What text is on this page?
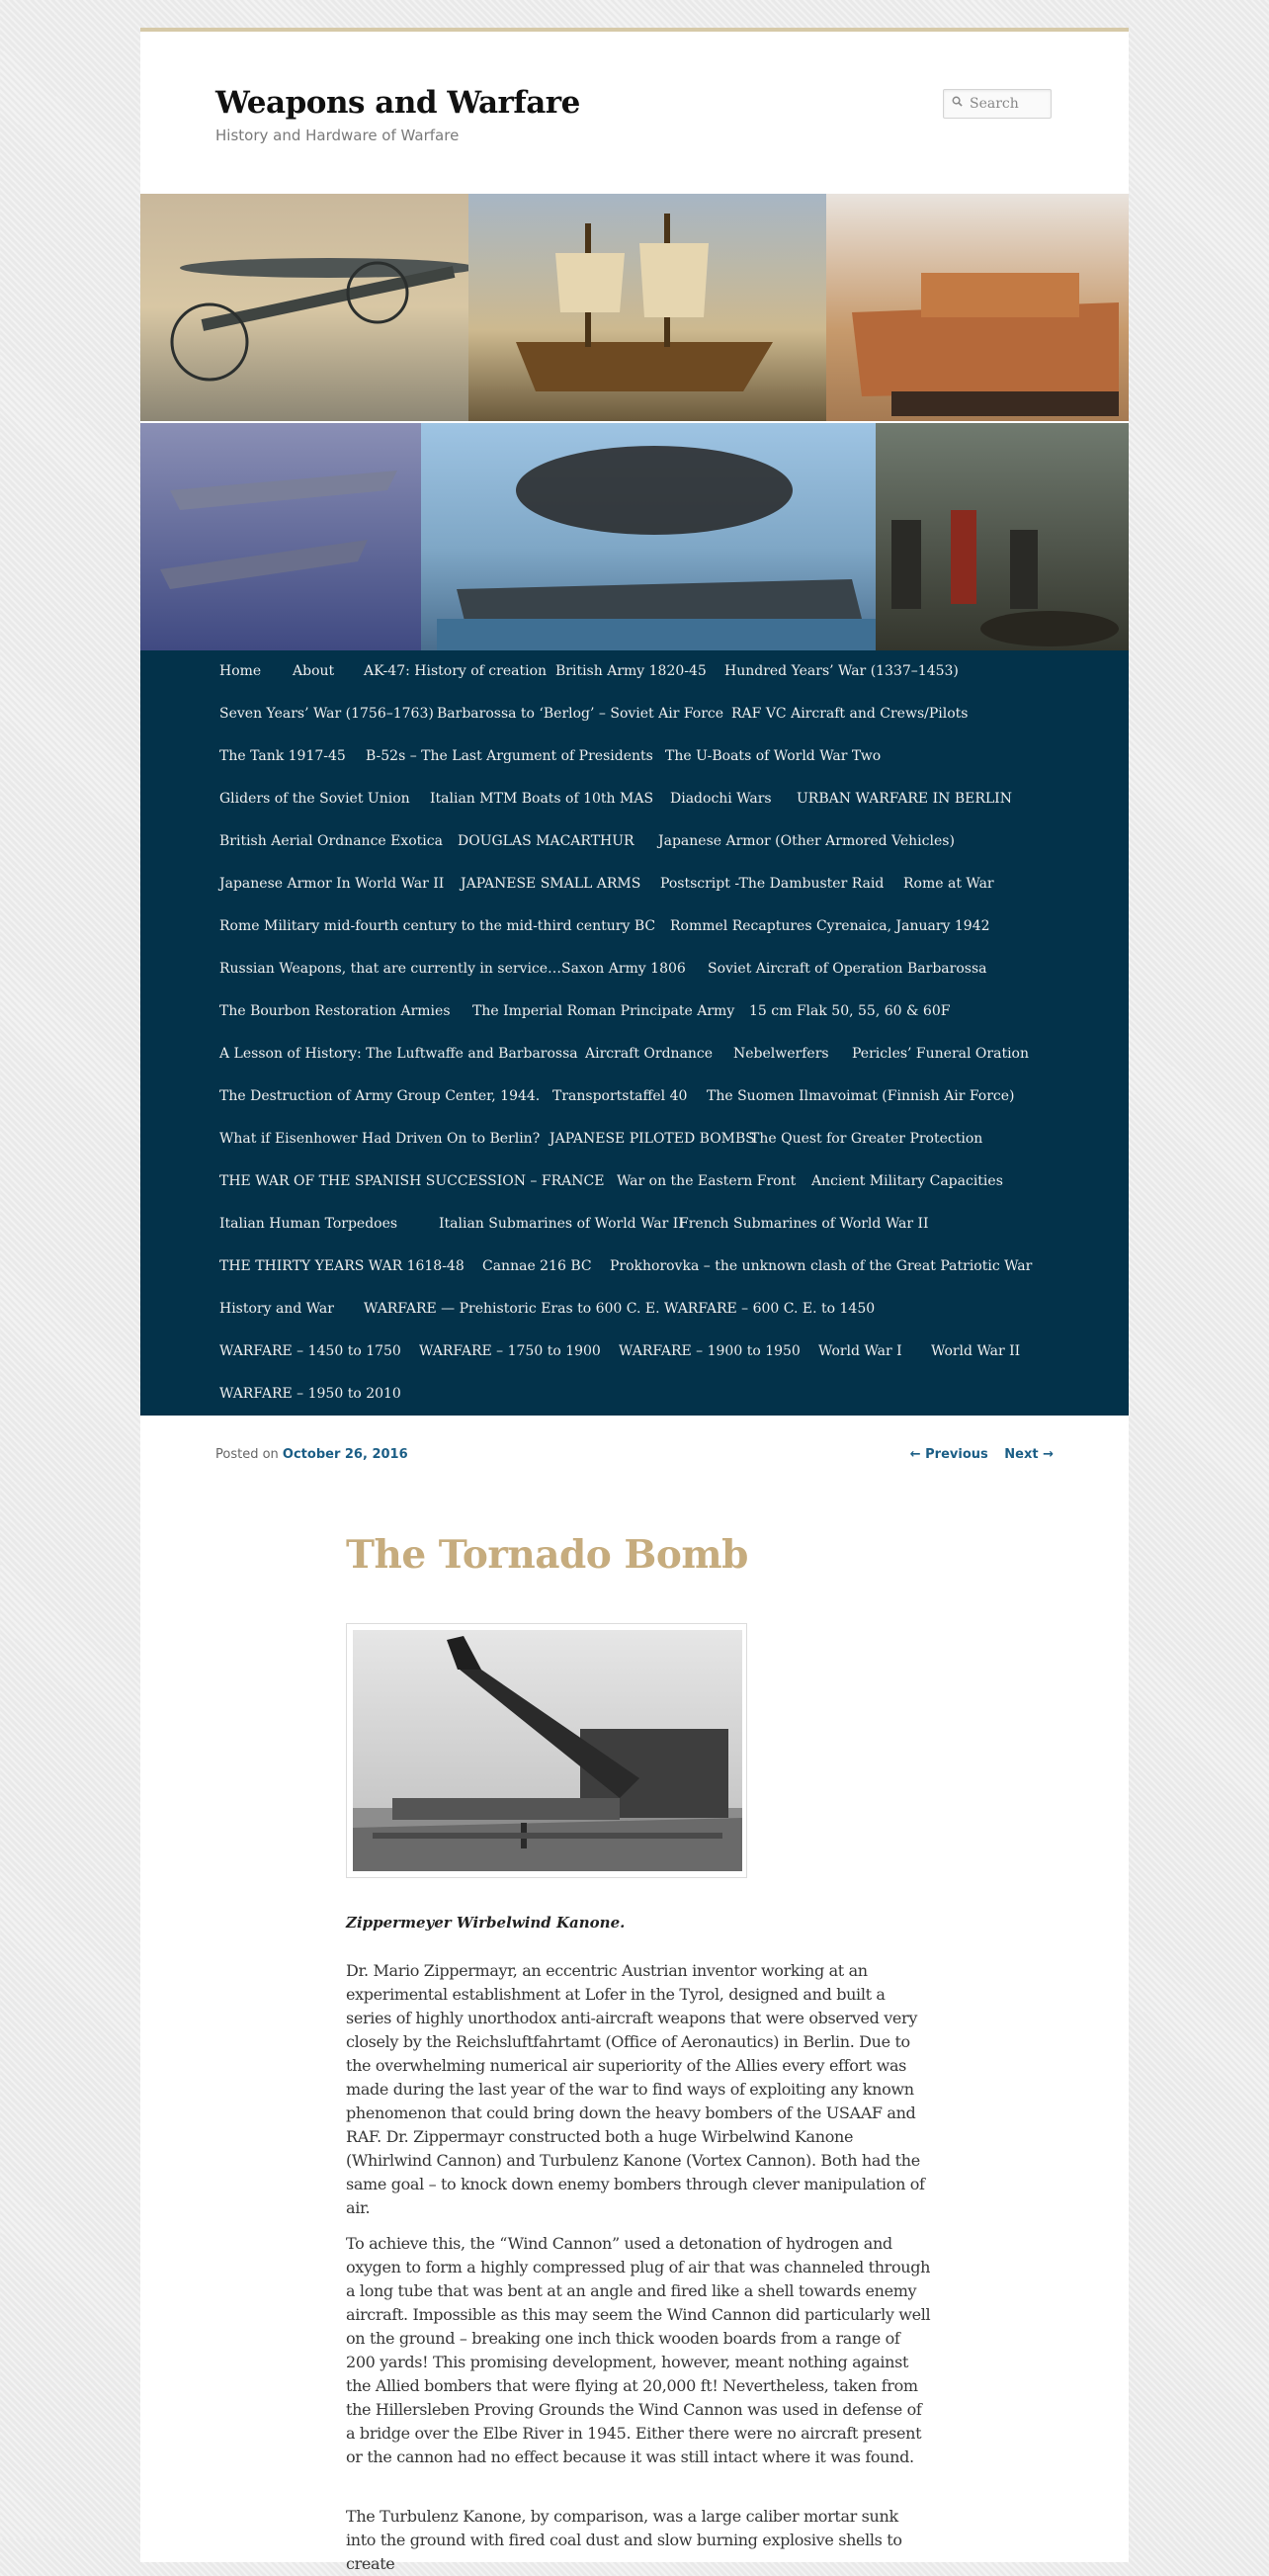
Weapons and Warfare

History and Hardware of Warfare

Search
Home About AK-47: History of creation British Army 1820-45 Hundred Years’ War (1337–1453)
Seven Years’ War (1756–1763) Barbarossa to ‘Berlog’ – Soviet Air Force RAF VC Aircraft and Crews/Pilots
The Tank 1917-45 B-52s – The Last Argument of Presidents The U-Boats of World War Two
Gliders of the Soviet Union Italian MTM Boats of 10th MAS Diadochi Wars URBAN WARFARE IN BERLIN
British Aerial Ordnance Exotica DOUGLAS MACARTHUR Japanese Armor (Other Armored Vehicles)
Japanese Armor In World War II JAPANESE SMALL ARMS Postscript -The Dambuster Raid Rome at War
Rome Military mid-fourth century to the mid-third century BC Rommel Recaptures Cyrenaica, January 1942
Russian Weapons, that are currently in service… Saxon Army 1806 Soviet Aircraft of Operation Barbarossa
The Bourbon Restoration Armies The Imperial Roman Principate Army 15 cm Flak 50, 55, 60 & 60F
A Lesson of History: The Luftwaffe and Barbarossa Aircraft Ordnance Nebelwerfers Pericles’ Funeral Oration
The Destruction of Army Group Center, 1944. Transportstaffel 40 The Suomen Ilmavoimat (Finnish Air Force)
What if Eisenhower Had Driven On to Berlin? JAPANESE PILOTED BOMBS
The Quest for Greater Protection
THE WAR OF THE SPANISH SUCCESSION – FRANCE War on the Eastern Front Ancient Military Capacities
Italian Human Torpedoes	Italian Submarines of World War II
French Submarines of World War II
THE THIRTY YEARS WAR 1618-48 Cannae 216 BC Prokhorovka – the unknown clash of the Great Patriotic War
History and War WARFARE — Prehistoric Eras to 600 C. E. WARFARE – 600 C. E. to 1450
WARFARE – 1450 to 1750 WARFARE – 1750 to 1900 WARFARE – 1900 to 1950 World War I World War II
WARFARE – 1950 to 2010
Posted on October 26, 2016	← Previous Next →
The Tornado Bomb

Zippermeyer Wirbelwind Kanone.

Dr. Mario Zippermayr, an eccentric Austrian inventor working at an experimental establishment at Lofer in the Tyrol, designed and built a series of highly unorthodox anti-aircraft weapons that were observed very closely by the Reichsluftfahrtamt (Office of Aeronautics) in Berlin. Due to the overwhelming numerical air superiority of the Allies every effort was made during the last year of the war to find ways of exploiting any known phenomenon that could bring down the heavy bombers of the USAAF and RAF. Dr. Zippermayr constructed both a huge Wirbelwind Kanone (Whirlwind Cannon) and Turbulenz Kanone (Vortex Cannon). Both had the same goal – to knock down enemy bombers through clever manipulation of air.

To achieve this, the “Wind Cannon” used a detonation of hydrogen and oxygen to form a highly compressed plug of air that was channeled through a long tube that was bent at an angle and fired like a shell towards enemy aircraft. Impossible as this may seem the Wind Cannon did particularly well on the ground – breaking one inch thick wooden boards from a range of 200 yards! This promising development, however, meant nothing against the Allied bombers that were flying at 20,000 ft! Nevertheless, taken from the Hillersleben Proving Grounds the Wind Cannon was used in defense of a bridge over the Elbe River in 1945. Either there were no aircraft present or the cannon had no effect because it was still intact where it was found.

The Turbulenz Kanone, by comparison, was a large caliber mortar sunk into the ground with fired coal dust and slow burning explosive shells to create
